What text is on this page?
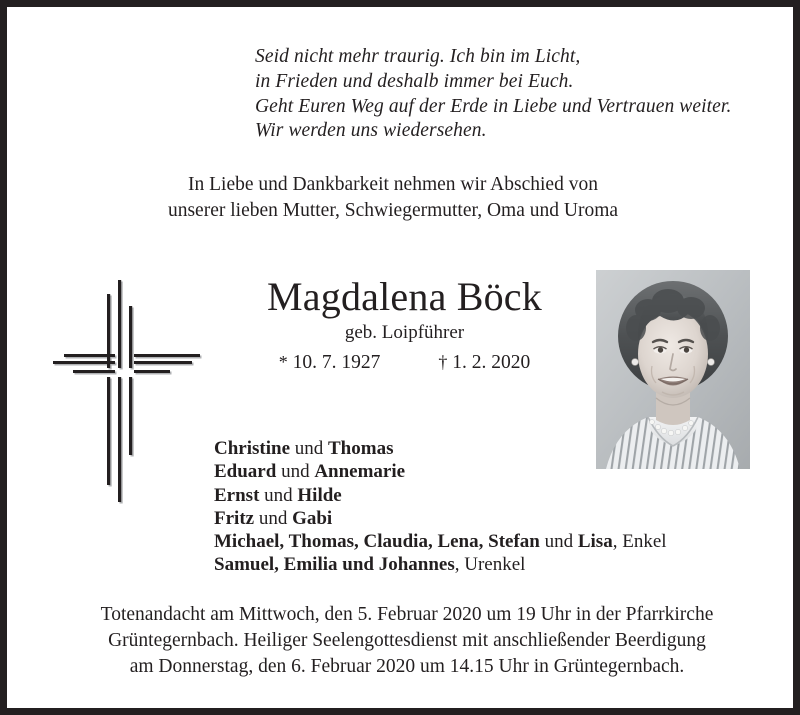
Seid nicht mehr traurig. Ich bin im Licht,
in Frieden und deshalb immer bei Euch.
Geht Euren Weg auf der Erde in Liebe und Vertrauen weiter.
Wir werden uns wiedersehen.
In Liebe und Dankbarkeit nehmen wir Abschied von
unserer lieben Mutter, Schwiegermutter, Oma und Uroma
Magdalena Böck
geb. Loipführer
* 10. 7. 1927	† 1. 2. 2020
Christine und Thomas
Eduard und Annemarie
Ernst und Hilde
Fritz und Gabi
Michael, Thomas, Claudia, Lena, Stefan und Lisa, Enkel
Samuel, Emilia und Johannes, Urenkel
Totenandacht am Mittwoch, den 5. Februar 2020 um 19 Uhr in der Pfarrkirche
Grüntegernbach. Heiliger Seelengottesdienst mit anschließender Beerdigung
am Donnerstag, den 6. Februar 2020 um 14.15 Uhr in Grüntegernbach.
